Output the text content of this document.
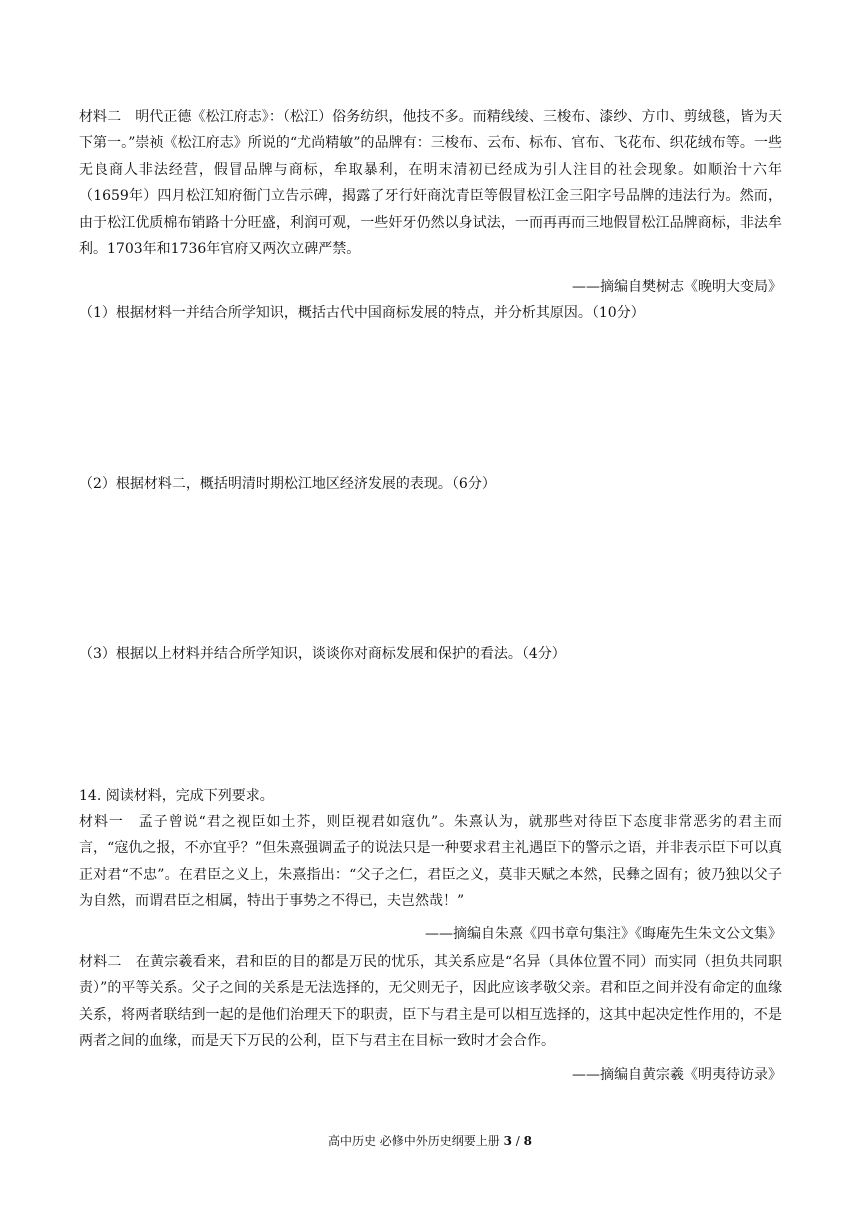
材料二　明代正德《松江府志》：（松江）俗务纺织，他技不多。而精线绫、三梭布、漆纱、方巾、剪绒毯，皆为天下第一。”崇祯《松江府志》所说的“尤尚精敏”的品牌有：三梭布、云布、标布、官布、飞花布、织花绒布等。一些无良商人非法经营，假冒品牌与商标，牟取暴利，在明末清初已经成为引人注目的社会现象。如顺治十六年（1659年）四月松江知府衙门立告示碑，揭露了牙行奸商沈青臣等假冒松江金三阳字号品牌的违法行为。然而，由于松江优质棉布销路十分旺盛，利润可观，一些奸牙仍然以身试法，一而再再而三地假冒松江品牌商标，非法牟利。1703年和1736年官府又两次立碑严禁。

——摘编自樊树志《晚明大变局》
（1）根据材料一并结合所学知识，概括古代中国商标发展的特点，并分析其原因。（10分）
（2）根据材料二，概括明清时期松江地区经济发展的表现。（6分）
（3）根据以上材料并结合所学知识，谈谈你对商标发展和保护的看法。（4分）
14. 阅读材料，完成下列要求。

材料一　孟子曾说“君之视臣如土芥，则臣视君如寇仇”。朱熹认为，就那些对待臣下态度非常恶劣的君主而言，“寇仇之报，不亦宜乎？”但朱熹强调孟子的说法只是一种要求君主礼遇臣下的警示之语，并非表示臣下可以真正对君“不忠”。在君臣之义上，朱熹指出：“父子之仁，君臣之义，莫非天赋之本然，民彝之固有；彼乃独以父子为自然，而谓君臣之相属，特出于事势之不得已，夫岂然哉！”

——摘编自朱熹《四书章句集注》《晦庵先生朱文公文集》

材料二　在黄宗羲看来，君和臣的目的都是万民的忧乐，其关系应是“名异（具体位置不同）而实同（担负共同职责）”的平等关系。父子之间的关系是无法选择的，无父则无子，因此应该孝敬父亲。君和臣之间并没有命定的血缘关系，将两者联结到一起的是他们治理天下的职责，臣下与君主是可以相互选择的，这其中起决定性作用的，不是两者之间的血缘，而是天下万民的公利，臣下与君主在目标一致时才会合作。

——摘编自黄宗羲《明夷待访录》
高中历史 必修中外历史纲要上册 3 / 8
